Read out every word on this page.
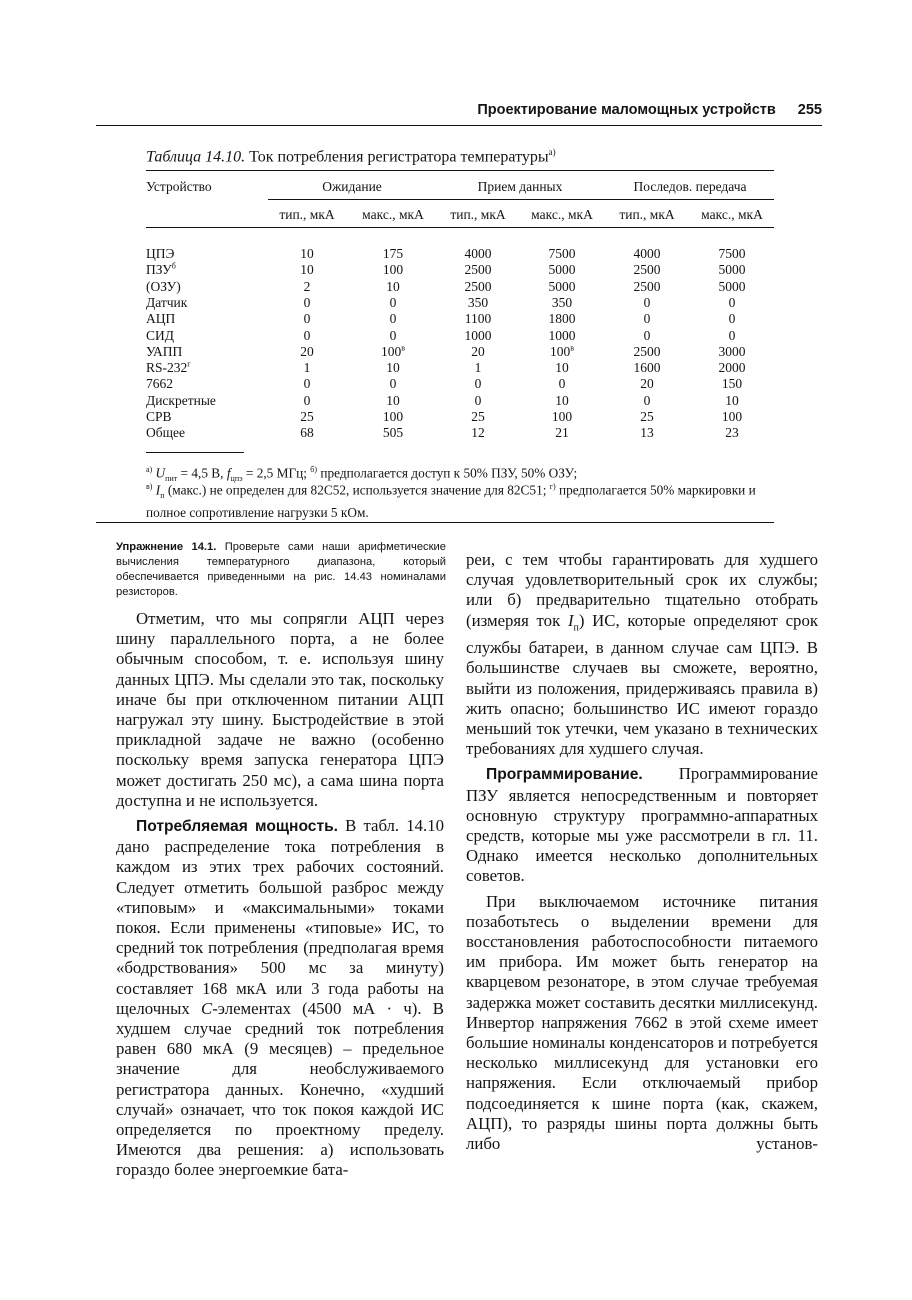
Проектирование маломощных устройств 255
Таблица 14.10. Ток потребления регистратора температуры$^{а)}$
Устройство	Ожидание	Прием данных	Последов. передача
тип., мкА макс., мкА тип., мкА макс., мкА тип., мкА макс., мкА
ЦПЭ	10	175	4000	7500	4000	7500
$ПЗУ^б$	10	100	2500	5000	2500	5000
(ОЗУ)	2	10	2500	5000	2500	5000
Датчик	0	0	350	350	0	0
АЦП	0	0	1100	1800	0	0
СИД	0	0	1000	1000	0	0
УАПП	20	$100^в$	20	$100^в$	2500	3000
$RS-232^г$	1	10	1	10	1600	2000
7662	0	0	0	0	20	150
Дискретные	0	10	0	10	0	10
СРВ	25	100	25	100	25	100
Общее	68	505	12	21	13	23
$^{а)}$ $U_{пит} = 4,5$ В, $f_{цпэ} = 2,5$ МГц; $^{б)}$ предполагается доступ к 50% ПЗУ, 50% ОЗУ;
$^{в)}$ $I_п$ (макс.) не определен для 82C52, используется значение для 82C51; $^{г)}$ предполагается 50% маркировки и полное сопротивление нагрузки 5 кОм.
Упражнение 14.1. Проверьте сами наши арифметические вычисления температурного диапазона, который обеспечивается приведенными на рис. 14.43 номиналами резисторов.

Отметим, что мы сопрягли АЦП через шину параллельного порта, а не более обычным способом, т. е. используя шину данных ЦПЭ. Мы сделали это так, поскольку иначе бы при отключенном питании АЦП нагружал эту шину. Быстродействие в этой прикладной задаче не важно (особенно поскольку время запуска генератора ЦПЭ может достигать 250 мс), а сама шина порта доступна и не используется.

Потребляемая мощность. В табл. 14.10 дано распределение тока потребления в каждом из этих трех рабочих состояний. Следует отметить большой разброс между «типовым» и «максимальными» токами покоя. Если применены «типовые» ИС, то средний ток потребления (предполагая время «бодрствования» 500 мс за минуту) составляет 168 мкА или 3 года работы на щелочных C-элементах (4500 мА · ч). В худшем случае средний ток потребления равен 680 мкА (9 месяцев) – предельное значение для необслуживаемого регистратора данных. Конечно, «худший случай» означает, что ток покоя каждой ИС определяется по проектному пределу. Имеются два решения: а) использовать гораздо более энергоемкие бата-

реи, с тем чтобы гарантировать для худшего случая удовлетворительный срок их службы; или б) предварительно тщательно отобрать (измеряя ток $I_п$) ИС, которые определяют срок службы батареи, в данном случае сам ЦПЭ. В большинстве случаев вы сможете, вероятно, выйти из положения, придерживаясь правила в) жить опасно; большинство ИС имеют гораздо меньший ток утечки, чем указано в технических требованиях для худшего случая.

Программирование. Программирование ПЗУ является непосредственным и повторяет основную структуру программно-аппаратных средств, которые мы уже рассмотрели в гл. 11. Однако имеется несколько дополнительных советов.

При выключаемом источнике питания позаботьтесь о выделении времени для восстановления работоспособности питаемого им прибора. Им может быть генератор на кварцевом резонаторе, в этом случае требуемая задержка может составить десятки миллисекунд. Инвертор напряжения 7662 в этой схеме имеет большие номиналы конденсаторов и потребуется несколько миллисекунд для установки его напряжения. Если отключаемый прибор подсоединяется к шине порта (как, скажем, АЦП), то разряды шины порта должны быть либо установ-
